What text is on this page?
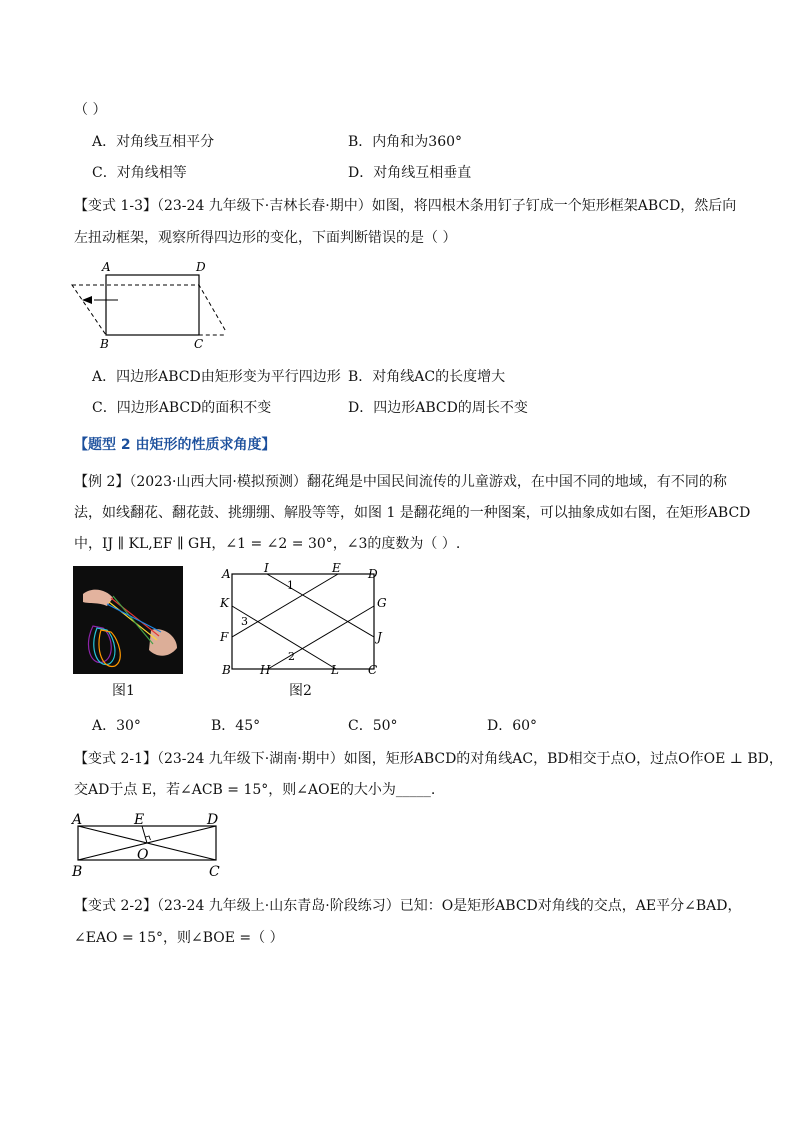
（ ）
A．对角线互相平分	B．内角和为360°
C．对角线相等	D．对角线互相垂直
【变式 1-3】（23-24 九年级下·吉林长春·期中）如图，将四根木条用钉子钉成一个矩形框架ABCD，然后向
左扭动框架，观察所得四边形的变化，下面判断错误的是（ ）
A	D
B	C
A．四边形ABCD由矩形变为平行四边形 B．对角线AC的长度增大
C．四边形ABCD的面积不变	D．四边形ABCD的周长不变
【题型 2 由矩形的性质求角度】
【例 2】（2023·山西大同·模拟预测）翻花绳是中国民间流传的儿童游戏，在中国不同的地域，有不同的称
法，如线翻花、翻花鼓、挑绷绷、解股等等，如图 1 是翻花绳的一种图案，可以抽象成如右图，在矩形ABCD
中，IJ ∥ KL,EF ∥ GH，∠1 = ∠2 = 30°，∠3的度数为（ ）.
图1
A	I	E D
K	G
F	J
B H	L C
1
2
3
图2
A．30°	B．45°	C．50°	D．60°
【变式 2-1】（23-24 九年级下·湖南·期中）如图，矩形ABCD的对角线AC，BD相交于点O，过点O作OE ⊥ BD，
交AD于点 E，若∠ACB = 15°，则∠AOE的大小为_____.
A	E	D
O
B	C
【变式 2-2】（23-24 九年级上·山东青岛·阶段练习）已知：O是矩形ABCD对角线的交点，AE平分∠BAD，
∠EAO = 15°，则∠BOE =（ ）
